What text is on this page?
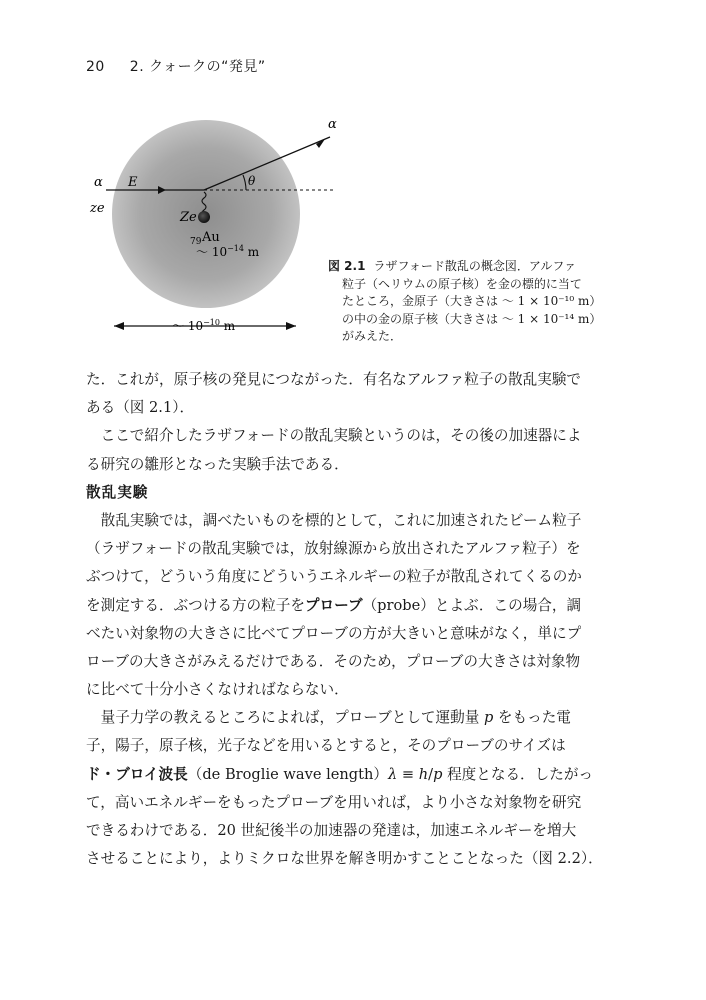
20 2. クォークの“発見”
α
ze
E
α
θ
Ze
79 Au
～ $10^{-14}$ m
～ $10^{-10}$ m
図 2.1 ラザフォード散乱の概念図．アルファ
粒子（ヘリウムの原子核）を金の標的に当て
たところ，金原子（大きさは ～ 1 × 10⁻¹⁰ m）
の中の金の原子核（大きさは ～ 1 × 10⁻¹⁴ m）
がみえた．
た．これが，原子核の発見につながった．有名なアルファ粒子の散乱実験で
ある（図 2.1）．
　ここで紹介したラザフォードの散乱実験というのは，その後の加速器によ
る研究の雛形となった実験手法である．
散乱実験
　散乱実験では，調べたいものを標的として，これに加速されたビーム粒子
（ラザフォードの散乱実験では，放射線源から放出されたアルファ粒子）を
ぶつけて，どういう角度にどういうエネルギーの粒子が散乱されてくるのか
を測定する．ぶつける方の粒子をプローブ（probe）とよぶ．この場合，調
べたい対象物の大きさに比べてプローブの方が大きいと意味がなく，単にプ
ローブの大きさがみえるだけである．そのため，プローブの大きさは対象物
に比べて十分小さくなければならない．
　量子力学の教えるところによれば，プローブとして運動量 p をもった電
子，陽子，原子核，光子などを用いるとすると，そのプローブのサイズは
ド・ブロイ波長（de Broglie wave length）λ ≡ h/p 程度となる．したがっ
て，高いエネルギーをもったプローブを用いれば，より小さな対象物を研究
できるわけである．20 世紀後半の加速器の発達は，加速エネルギーを増大
させることにより，よりミクロな世界を解き明かすことことなった（図 2.2）．
